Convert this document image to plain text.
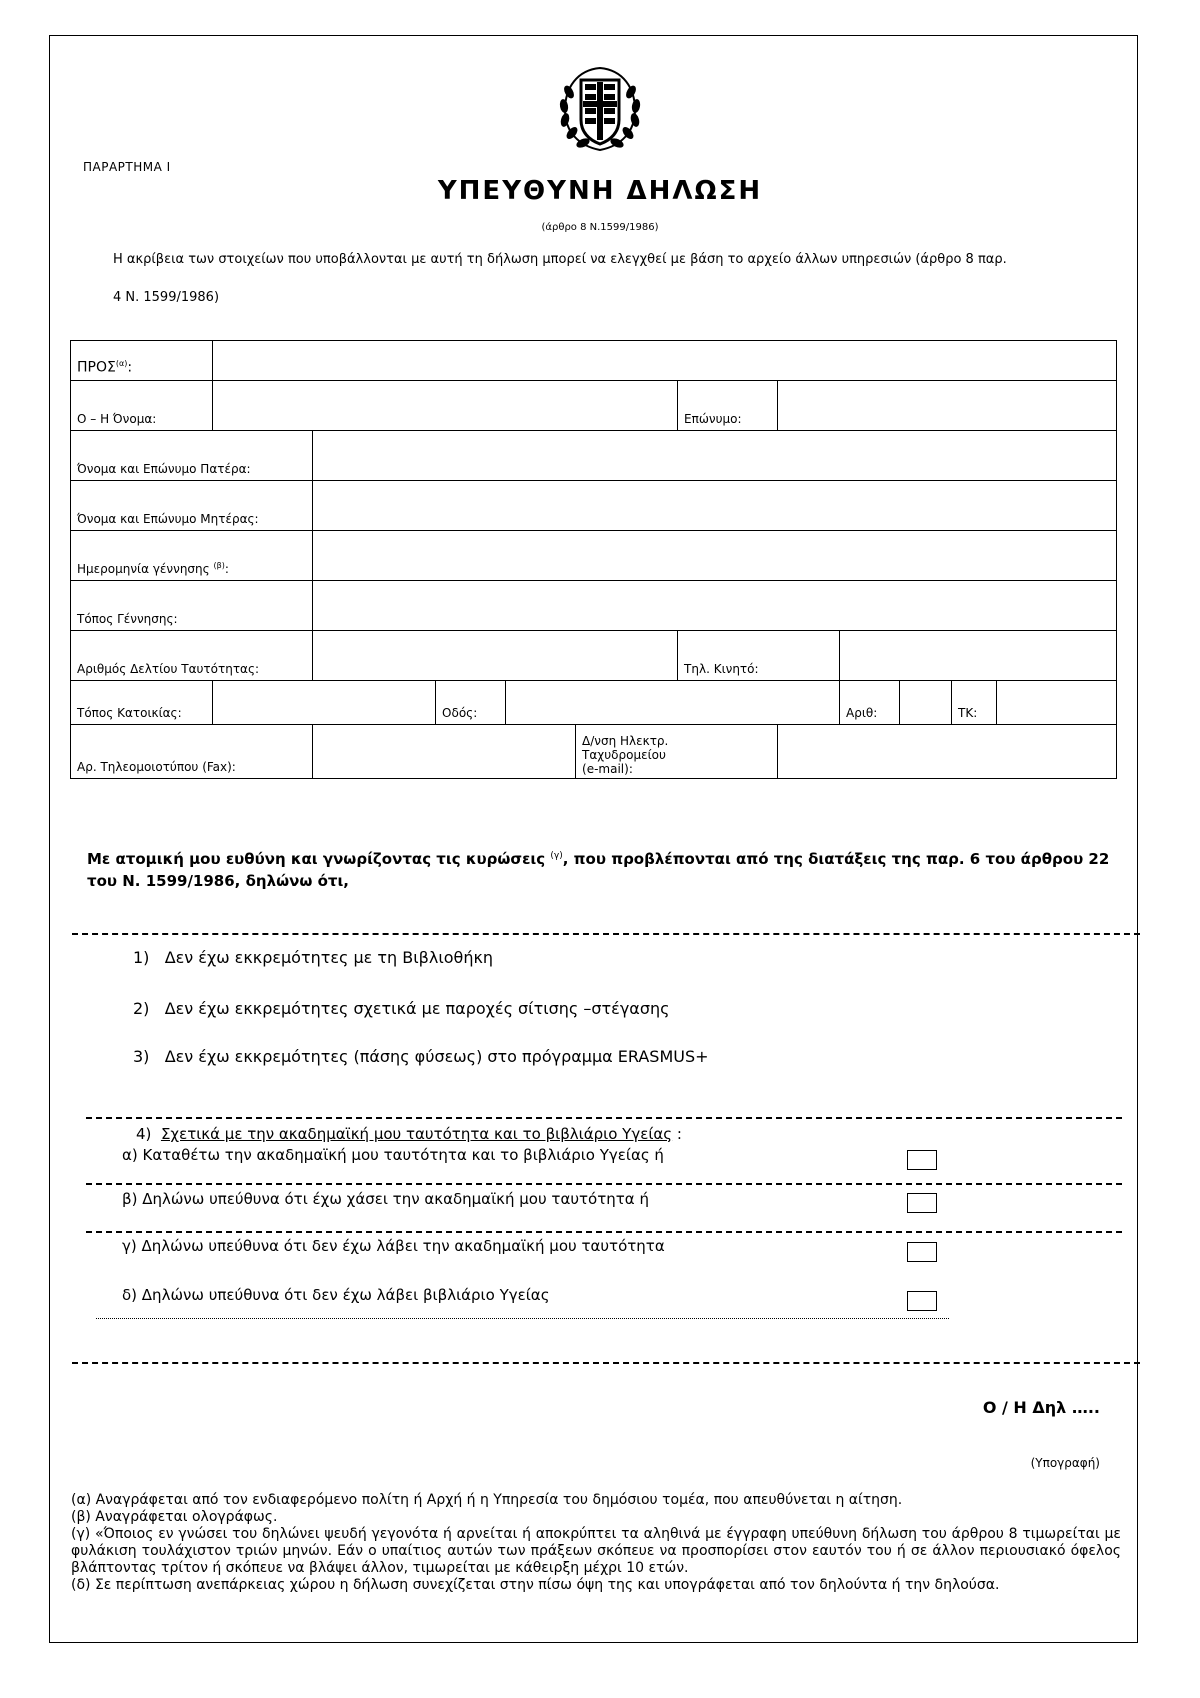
ΠΑΡΑΡΤΗΜΑ Ι
ΥΠΕΥΘΥΝΗ ΔΗΛΩΣΗ
(άρθρο 8 Ν.1599/1986)
Η ακρίβεια των στοιχείων που υποβάλλονται με αυτή τη δήλωση μπορεί να ελεγχθεί με βάση το αρχείο άλλων υπηρεσιών (άρθρο 8 παρ.
4 Ν. 1599/1986)
$\Pi PO\Sigma^{(\alpha)}$:											
Ο – Η Όνομα:						Επώνυμο:					
Όνομα και Επώνυμο Πατέρα:											
Όνομα και Επώνυμο Μητέρας:											
Ημερομηνία γέννησης $^{(\beta)}$:											
Τόπος Γέννησης:											
Αριθμός Δελτίου Ταυτότητας:						Τηλ. Κινητό:					
Τόπος Κατοικίας:			Οδός:					Αριθ:		ΤΚ:	
Αρ. Τηλεομοιοτύπου (Fax):					Δ/νση Ηλεκτρ.
Ταχυδρομείου
(e-mail):						
Με ατομική μου ευθύνη και γνωρίζοντας τις κυρώσεις $^{(\gamma)}$, που προβλέπονται από της διατάξεις της παρ. 6 του άρθρου 22 του Ν. 1599/1986, δηλώνω ότι,
1) Δεν έχω εκκρεμότητες με τη Βιβλιοθήκη
2) Δεν έχω εκκρεμότητες σχετικά με παροχές σίτισης –στέγασης
3) Δεν έχω εκκρεμότητες (πάσης φύσεως) στο πρόγραμμα ERASMUS+
4) Σχετικά με την ακαδημαϊκή μου ταυτότητα και το βιβλιάριο Υγείας :
α) Καταθέτω την ακαδημαϊκή μου ταυτότητα και το βιβλιάριο Υγείας ή
β) Δηλώνω υπεύθυνα ότι έχω χάσει την ακαδημαϊκή μου ταυτότητα ή
γ) Δηλώνω υπεύθυνα ότι δεν έχω λάβει την ακαδημαϊκή μου ταυτότητα
δ) Δηλώνω υπεύθυνα ότι δεν έχω λάβει βιβλιάριο Υγείας
Ο / Η Δηλ …..
(Υπογραφή)

(α) Αναγράφεται από τον ενδιαφερόμενο πολίτη ή Αρχή ή η Υπηρεσία του δημόσιου τομέα, που απευθύνεται η αίτηση.

(β) Αναγράφεται ολογράφως.

(γ) «Όποιος εν γνώσει του δηλώνει ψευδή γεγονότα ή αρνείται ή αποκρύπτει τα αληθινά με έγγραφη υπεύθυνη δήλωση του άρθρου 8 τιμωρείται με φυλάκιση τουλάχιστον τριών μηνών. Εάν ο υπαίτιος αυτών των πράξεων σκόπευε να προσπορίσει στον εαυτόν του ή σε άλλον περιουσιακό όφελος βλάπτοντας τρίτον ή σκόπευε να βλάψει άλλον, τιμωρείται με κάθειρξη μέχρι 10 ετών.

(δ) Σε περίπτωση ανεπάρκειας χώρου η δήλωση συνεχίζεται στην πίσω όψη της και υπογράφεται από τον δηλούντα ή την δηλούσα.
